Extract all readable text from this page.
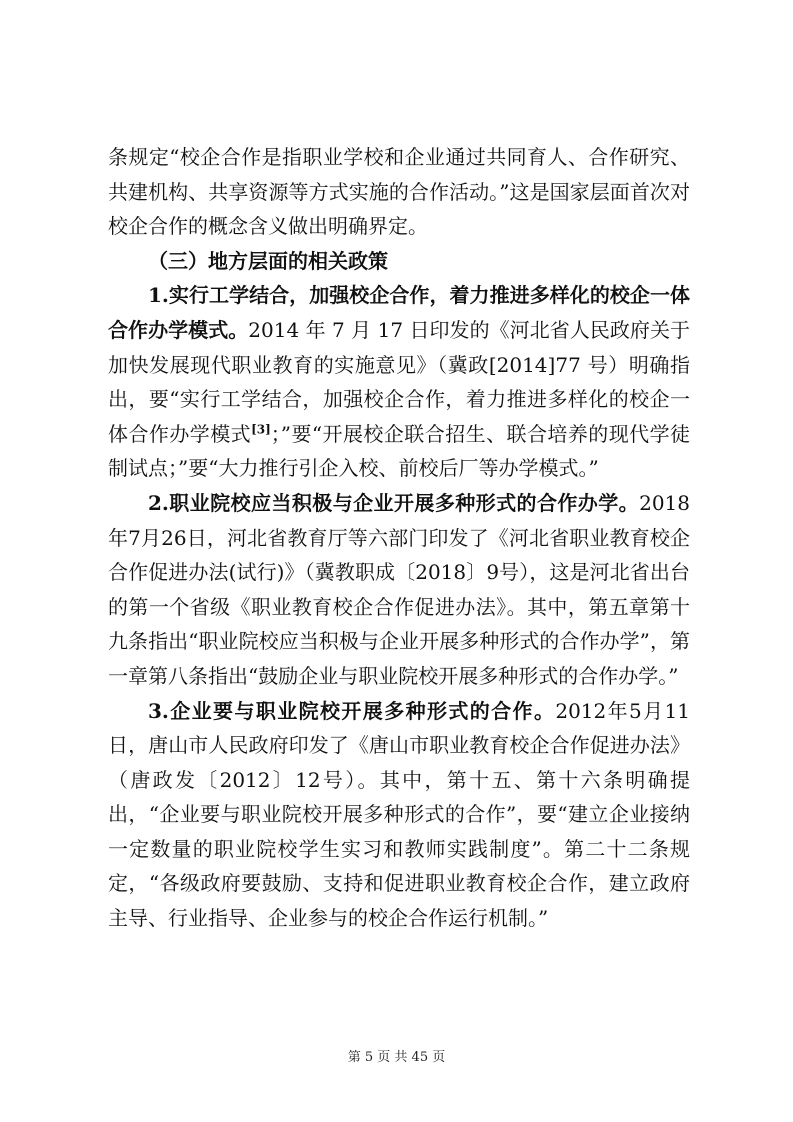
条规定“校企合作是指职业学校和企业通过共同育人、合作研究、共建机构、共享资源等方式实施的合作活动。”这是国家层面首次对校企合作的概念含义做出明确界定。

（三）地方层面的相关政策

1.实行工学结合，加强校企合作，着力推进多样化的校企一体合作办学模式。2014 年 7 月 17 日印发的《河北省人民政府关于加快发展现代职业教育的实施意见》（冀政[2014]77 号）明确指出，要“实行工学结合，加强校企合作，着力推进多样化的校企一体合作办学模式[3]；”要“开展校企联合招生、联合培养的现代学徒制试点；”要“大力推行引企入校、前校后厂等办学模式。”

2.职业院校应当积极与企业开展多种形式的合作办学。2018年7月26日，河北省教育厅等六部门印发了《河北省职业教育校企合作促进办法(试行)》（冀教职成〔2018〕9号），这是河北省出台的第一个省级《职业教育校企合作促进办法》。其中，第五章第十九条指出“职业院校应当积极与企业开展多种形式的合作办学”，第一章第八条指出“鼓励企业与职业院校开展多种形式的合作办学。”

3.企业要与职业院校开展多种形式的合作。2012年5月11日，唐山市人民政府印发了《唐山市职业教育校企合作促进办法》（唐政发〔2012〕12号）。其中，第十五、第十六条明确提出，“企业要与职业院校开展多种形式的合作”，要“建立企业接纳一定数量的职业院校学生实习和教师实践制度”。第二十二条规定，“各级政府要鼓励、支持和促进职业教育校企合作，建立政府主导、行业指导、企业参与的校企合作运行机制。”

第 5 页 共 45 页
